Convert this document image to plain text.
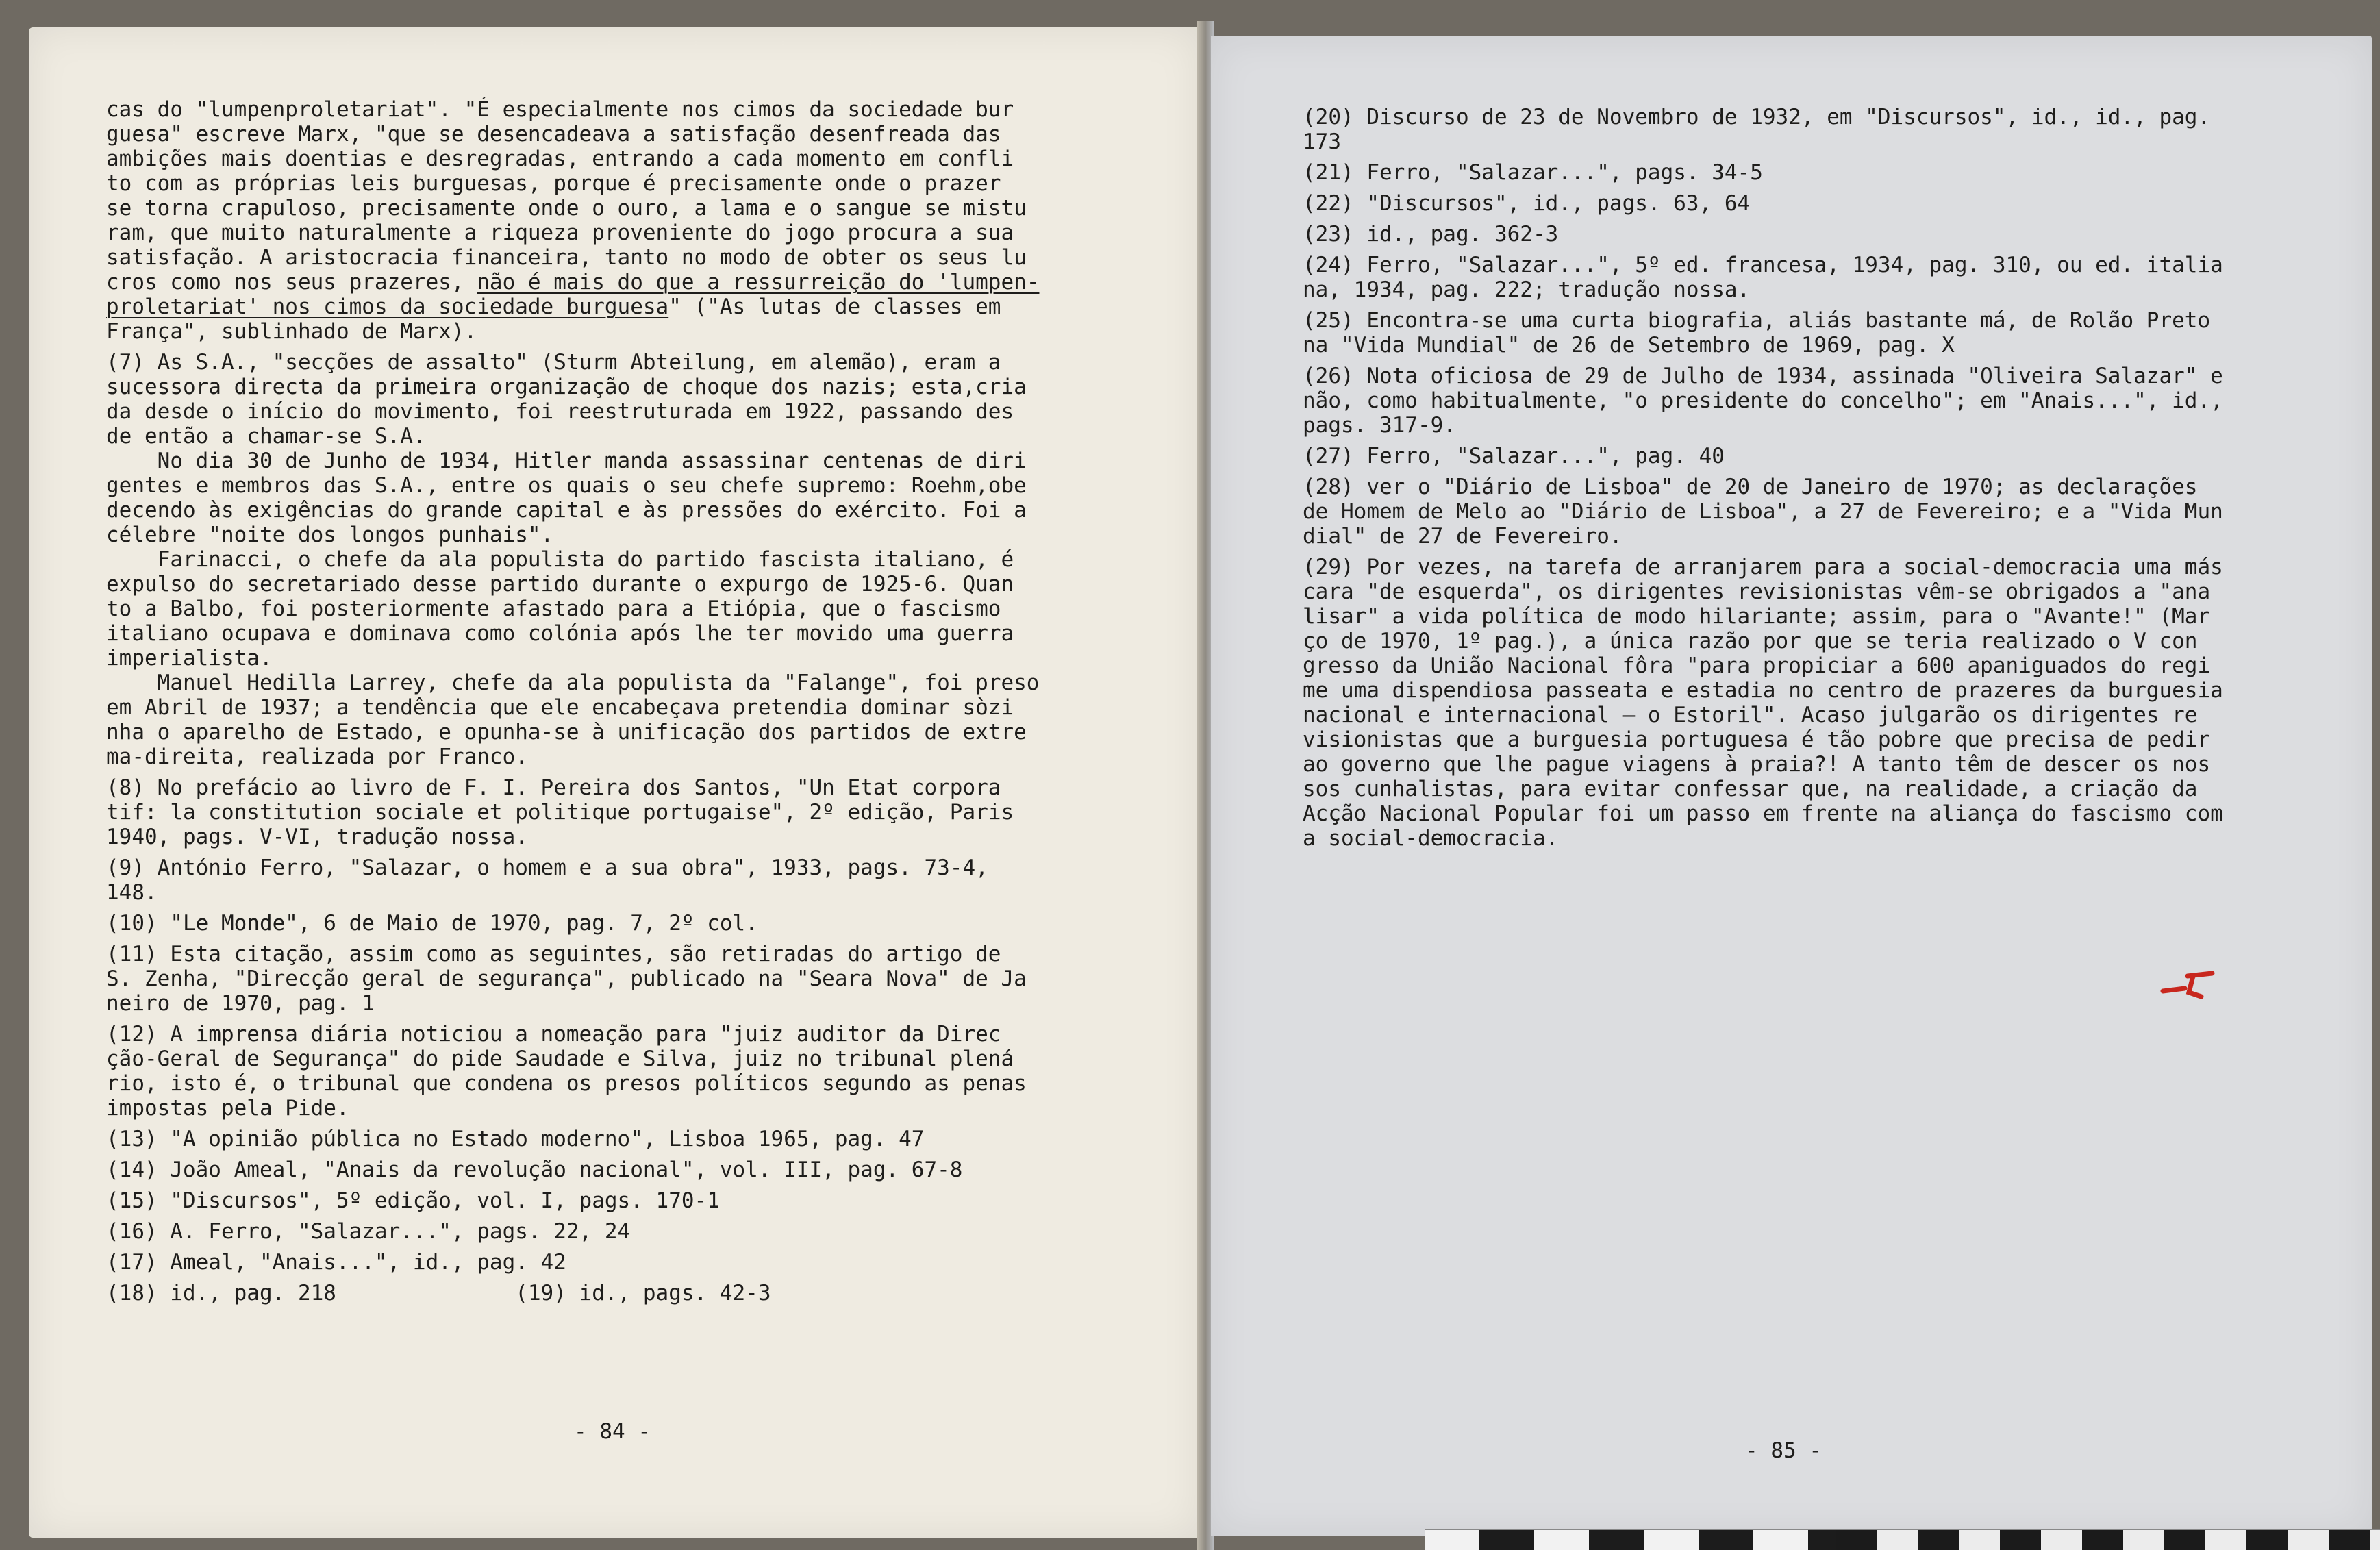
cas do "lumpenproletariat". "É especialmente nos cimos da sociedade bur
guesa" escreve Marx, "que se desencadeava a satisfação desenfreada das
ambições mais doentias e desregradas, entrando a cada momento em confli
to com as próprias leis burguesas, porque é precisamente onde o prazer
se torna crapuloso, precisamente onde o ouro, a lama e o sangue se mistu
ram, que muito naturalmente a riqueza proveniente do jogo procura a sua
satisfação. A aristocracia financeira, tanto no modo de obter os seus lu
cros como nos seus prazeres, não é mais do que a ressurreição do 'lumpen-
proletariat' nos cimos da sociedade burguesa" ("As lutas de classes em
França", sublinhado de Marx).
(7) As S.A., "secções de assalto" (Sturm Abteilung, em alemão), eram a
sucessora directa da primeira organização de choque dos nazis; esta,cria
da desde o início do movimento, foi reestruturada em 1922, passando des
de então a chamar-se S.A.
No dia 30 de Junho de 1934, Hitler manda assassinar centenas de diri
gentes e membros das S.A., entre os quais o seu chefe supremo: Roehm,obe
decendo às exigências do grande capital e às pressões do exército. Foi a
célebre "noite dos longos punhais".
Farinacci, o chefe da ala populista do partido fascista italiano, é
expulso do secretariado desse partido durante o expurgo de 1925-6. Quan
to a Balbo, foi posteriormente afastado para a Etiópia, que o fascismo
italiano ocupava e dominava como colónia após lhe ter movido uma guerra
imperialista.
Manuel Hedilla Larrey, chefe da ala populista da "Falange", foi preso
em Abril de 1937; a tendência que ele encabeçava pretendia dominar sòzi
nha o aparelho de Estado, e opunha-se à unificação dos partidos de extre
ma-direita, realizada por Franco.
(8) No prefácio ao livro de F. I. Pereira dos Santos, "Un Etat corpora
tif: la constitution sociale et politique portugaise", 2º edição, Paris
1940, pags. V-VI, tradução nossa.
(9) António Ferro, "Salazar, o homem e a sua obra", 1933, pags. 73-4,
148.
(10) "Le Monde", 6 de Maio de 1970, pag. 7, 2º col.
(11) Esta citação, assim como as seguintes, são retiradas do artigo de
S. Zenha, "Direcção geral de segurança", publicado na "Seara Nova" de Ja
neiro de 1970, pag. 1
(12) A imprensa diária noticiou a nomeação para "juiz auditor da Direc
ção-Geral de Segurança" do pide Saudade e Silva, juiz no tribunal plená
rio, isto é, o tribunal que condena os presos políticos segundo as penas
impostas pela Pide.
(13) "A opinião pública no Estado moderno", Lisboa 1965, pag. 47
(14) João Ameal, "Anais da revolução nacional", vol. III, pag. 67-8
(15) "Discursos", 5º edição, vol. I, pags. 170-1
(16) A. Ferro, "Salazar...", pags. 22, 24
(17) Ameal, "Anais...", id., pag. 42
(18) id., pag. 218              (19) id., pags. 42-3
(20) Discurso de 23 de Novembro de 1932, em "Discursos", id., id., pag.
173
(21) Ferro, "Salazar...", pags. 34-5
(22) "Discursos", id., pags. 63, 64
(23) id., pag. 362-3
(24) Ferro, "Salazar...", 5º ed. francesa, 1934, pag. 310, ou ed. italia
na, 1934, pag. 222; tradução nossa.
(25) Encontra-se uma curta biografia, aliás bastante má, de Rolão Preto
na "Vida Mundial" de 26 de Setembro de 1969, pag. X
(26) Nota oficiosa de 29 de Julho de 1934, assinada "Oliveira Salazar" e
não, como habitualmente, "o presidente do concelho"; em "Anais...", id.,
pags. 317-9.
(27) Ferro, "Salazar...", pag. 40
(28) ver o "Diário de Lisboa" de 20 de Janeiro de 1970; as declarações
de Homem de Melo ao "Diário de Lisboa", a 27 de Fevereiro; e a "Vida Mun
dial" de 27 de Fevereiro.
(29) Por vezes, na tarefa de arranjarem para a social-democracia uma más
cara "de esquerda", os dirigentes revisionistas vêm-se obrigados a "ana
lisar" a vida política de modo hilariante; assim, para o "Avante!" (Mar
ço de 1970, 1º pag.), a única razão por que se teria realizado o V con
gresso da União Nacional fôra "para propiciar a 600 apaniguados do regi
me uma dispendiosa passeata e estadia no centro de prazeres da burguesia
nacional e internacional — o Estoril". Acaso julgarão os dirigentes re
visionistas que a burguesia portuguesa é tão pobre que precisa de pedir
ao governo que lhe pague viagens à praia?! A tanto têm de descer os nos
sos cunhalistas, para evitar confessar que, na realidade, a criação da
Acção Nacional Popular foi um passo em frente na aliança do fascismo com
a social-democracia.
- 84 -
- 85 -
